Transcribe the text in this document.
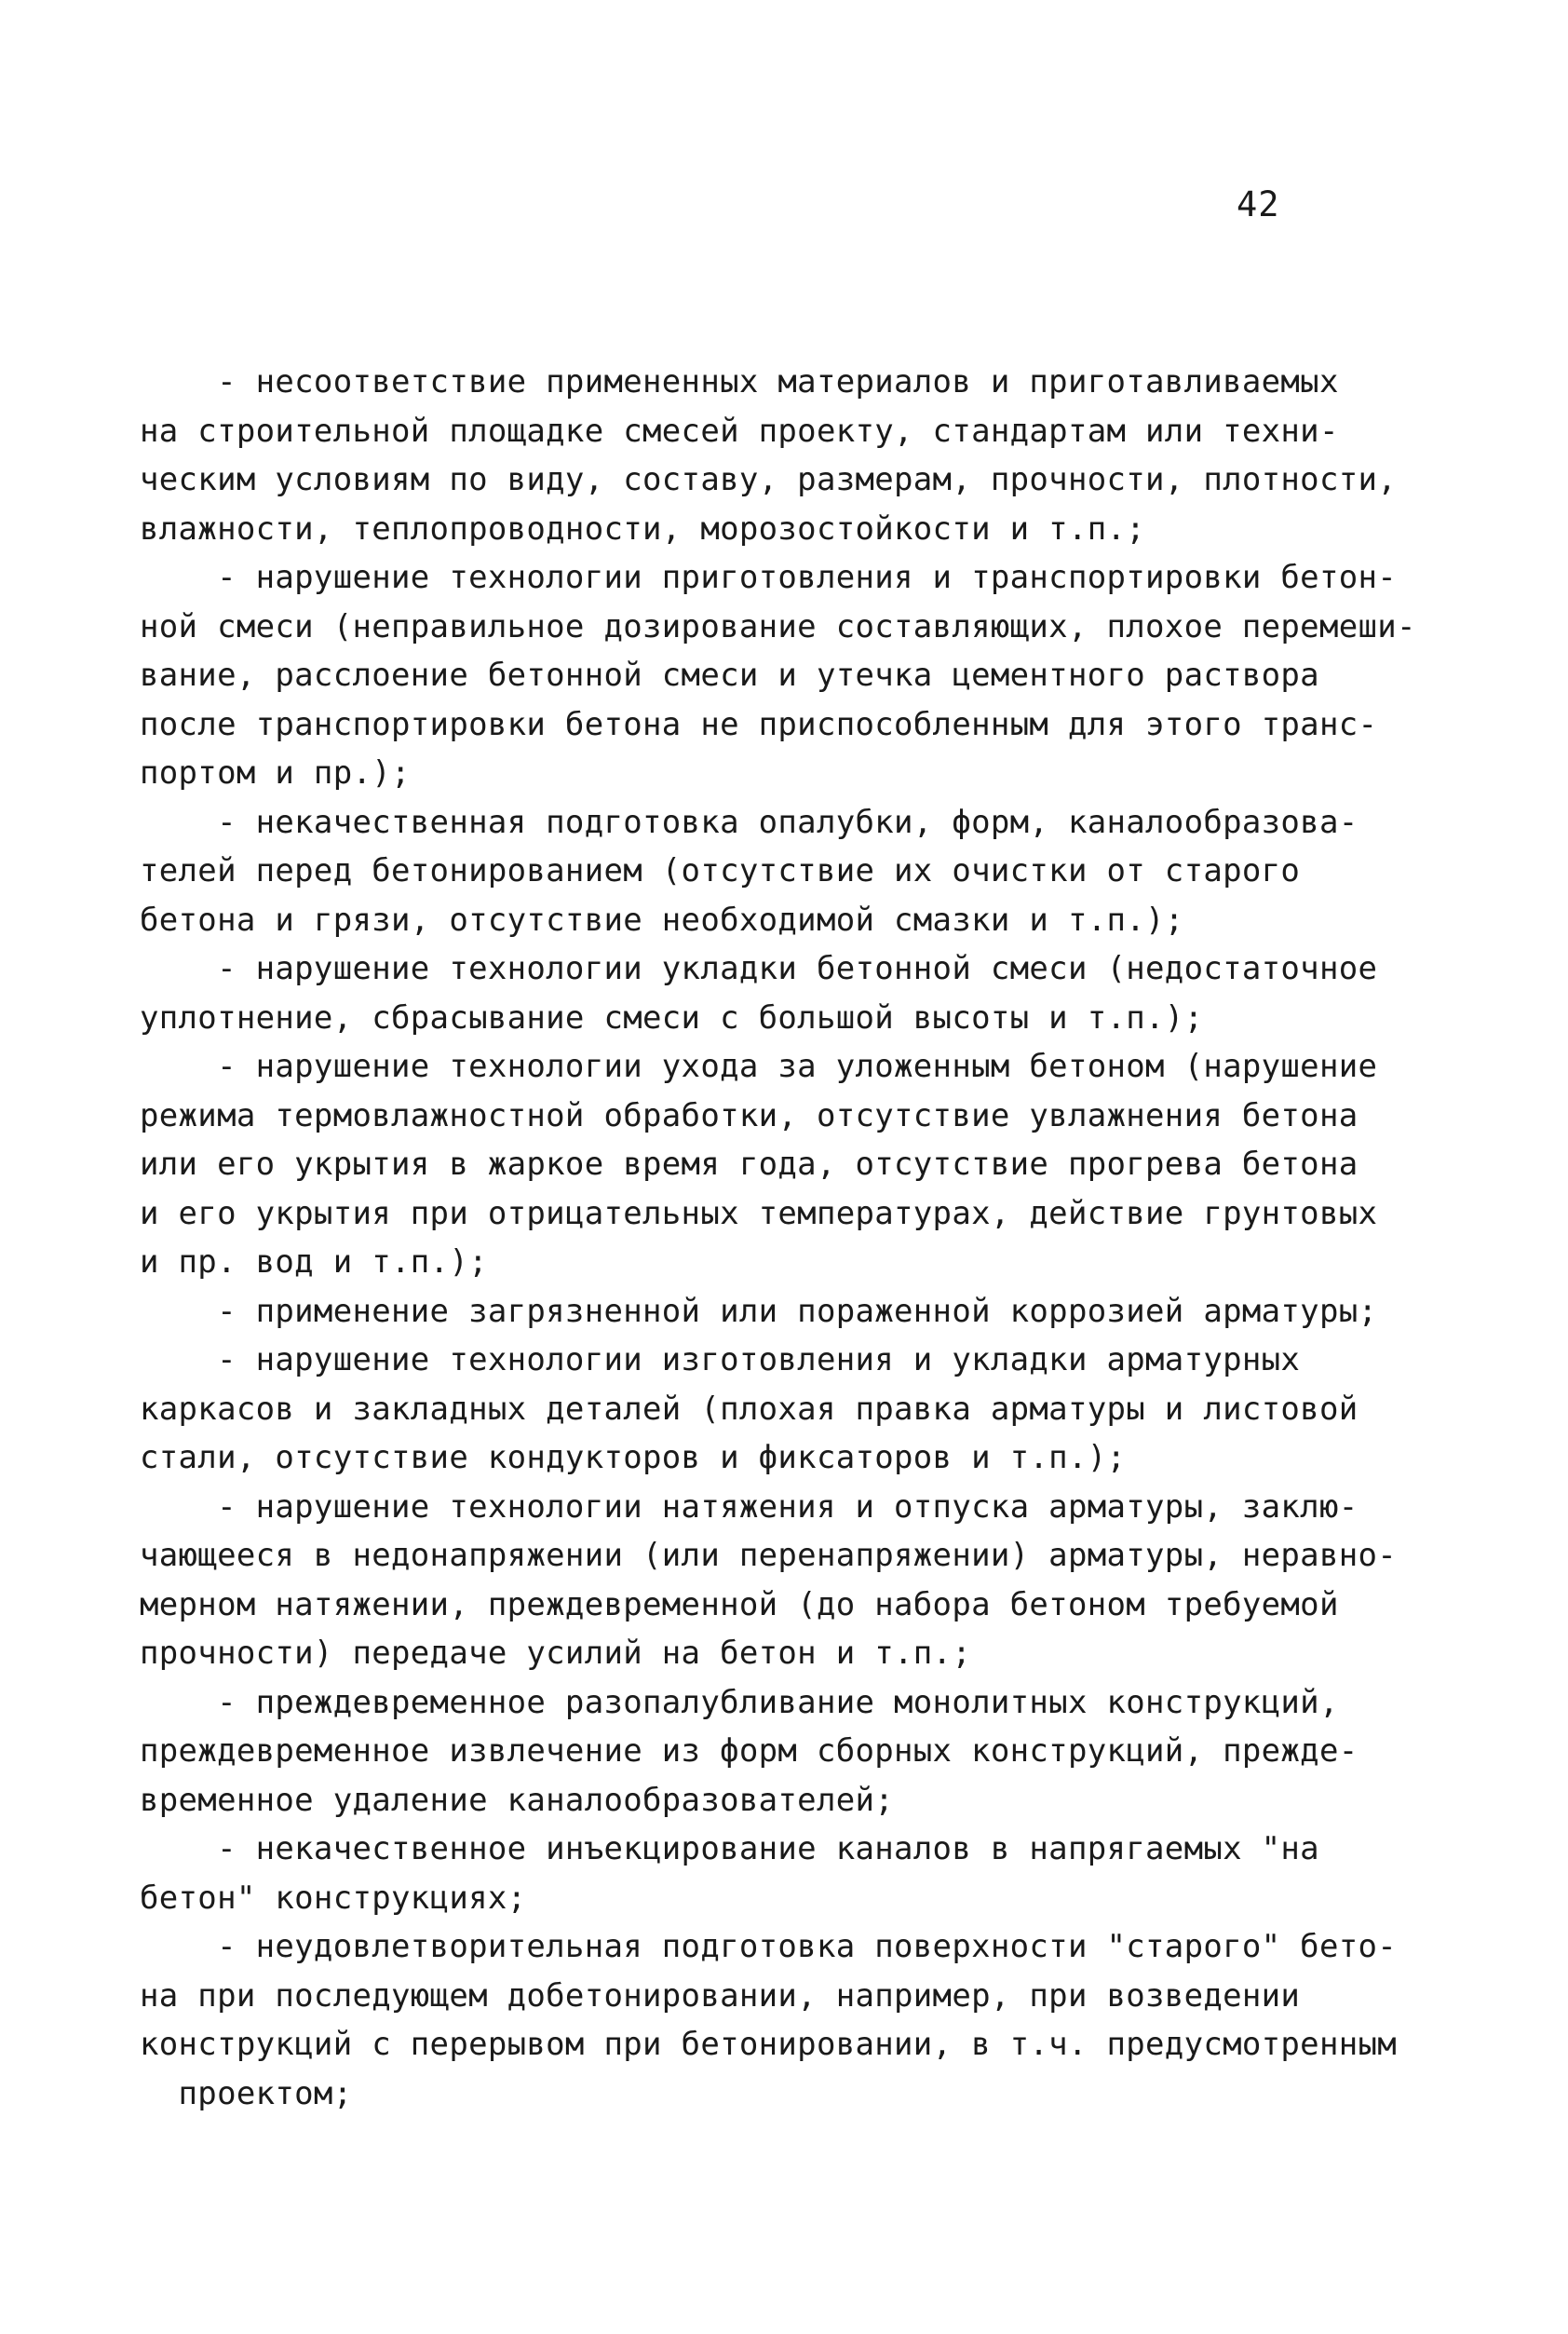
42
- несоответствие примененных материалов и приготавливаемых
на строительной площадке смесей проекту, стандартам или техни-
ческим условиям по виду, составу, размерам, прочности, плотности,
влажности, теплопроводности, морозостойкости и т.п.;
- нарушение технологии приготовления и транспортировки бетон-
ной смеси (неправильное дозирование составляющих, плохое перемеши-
вание, расслоение бетонной смеси и утечка цементного раствора
после транспортировки бетона не приспособленным для этого транс-
портом и пр.);
- некачественная подготовка опалубки, форм, каналообразова-
телей перед бетонированием (отсутствие их очистки от старого
бетона и грязи, отсутствие необходимой смазки и т.п.);
- нарушение технологии укладки бетонной смеси (недостаточное
уплотнение, сбрасывание смеси с большой высоты и т.п.);
- нарушение технологии ухода за уложенным бетоном (нарушение
режима термовлажностной обработки, отсутствие увлажнения бетона
или его укрытия в жаркое время года, отсутствие прогрева бетона
и его укрытия при отрицательных температурах, действие грунтовых
и пр. вод и т.п.);
- применение загрязненной или пораженной коррозией арматуры;
- нарушение технологии изготовления и укладки арматурных
каркасов и закладных деталей (плохая правка арматуры и листовой
стали, отсутствие кондукторов и фиксаторов и т.п.);
- нарушение технологии натяжения и отпуска арматуры, заклю-
чающееся в недонапряжении (или перенапряжении) арматуры, неравно-
мерном натяжении, преждевременной (до набора бетоном требуемой
прочности) передаче усилий на бетон и т.п.;
- преждевременное разопалубливание монолитных конструкций,
преждевременное извлечение из форм сборных конструкций, прежде-
временное удаление каналообразователей;
- некачественное инъекцирование каналов в напрягаемых "на
бетон" конструкциях;
- неудовлетворительная подготовка поверхности "старого" бето-
на при последующем добетонировании, например, при возведении
конструкций с перерывом при бетонировании, в т.ч. предусмотренным
проектом;
